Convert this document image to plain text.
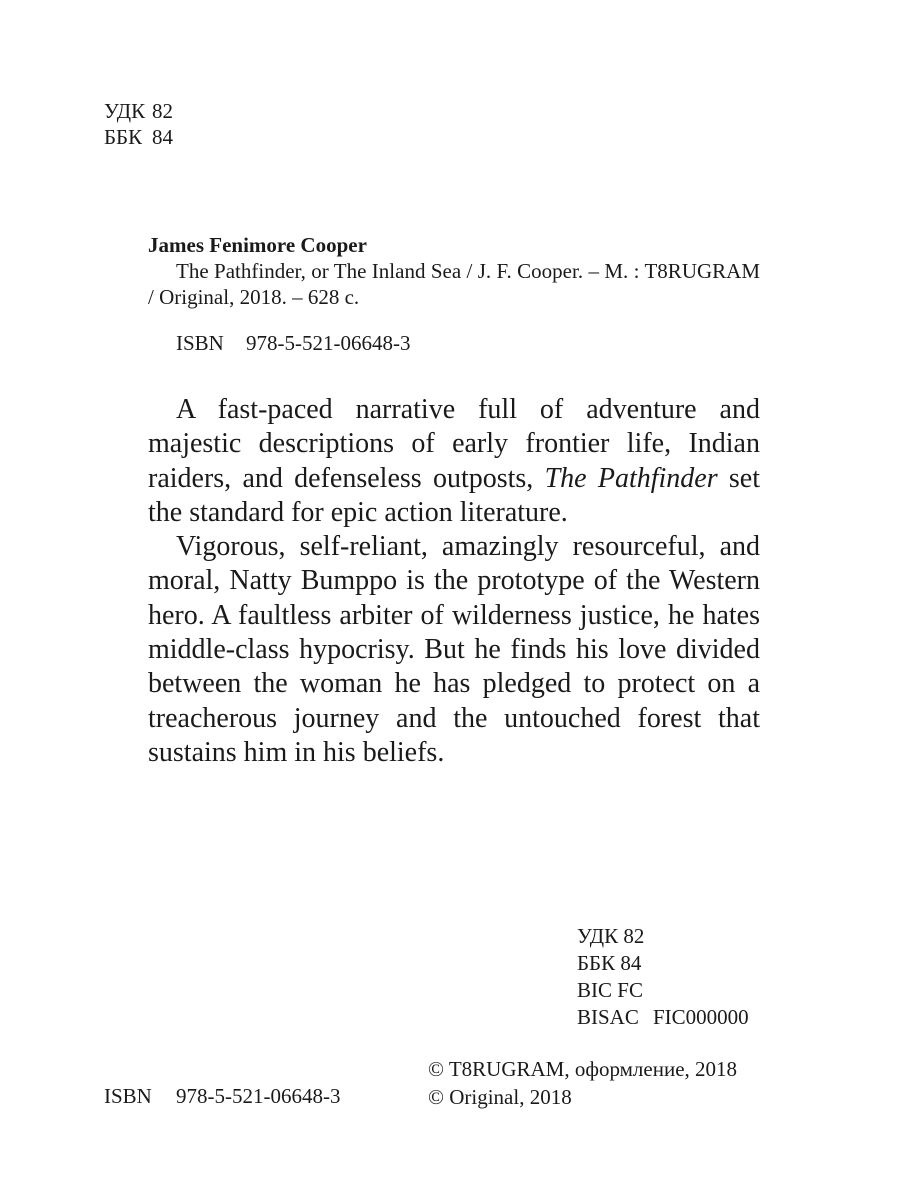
УДК 82
ББК 84
James Fenimore Cooper
The Pathfinder, or The Inland Sea / J. F. Cooper. – M. : T8RUGRAM / Original, 2018. – 628 с.
ISBN 978-5-521-06648-3

A fast-paced narrative full of adventure and majestic descriptions of early frontier life, Indian raiders, and defenseless outposts, The Pathfinder set the standard for epic action literature.

Vigorous, self-reliant, amazingly resourceful, and moral, Natty Bumppo is the prototype of the Western hero. A faultless arbiter of wilderness justice, he hates middle-class hypocrisy. But he finds his love divided between the woman he has pledged to protect on a treacherous journey and the untouched forest that sustains him in his beliefs.

УДК 82
ББК 84
BIC FC
BISAC FIC000000
ISBN 978-5-521-06648-3
© T8RUGRAM, оформление, 2018
© Original, 2018
